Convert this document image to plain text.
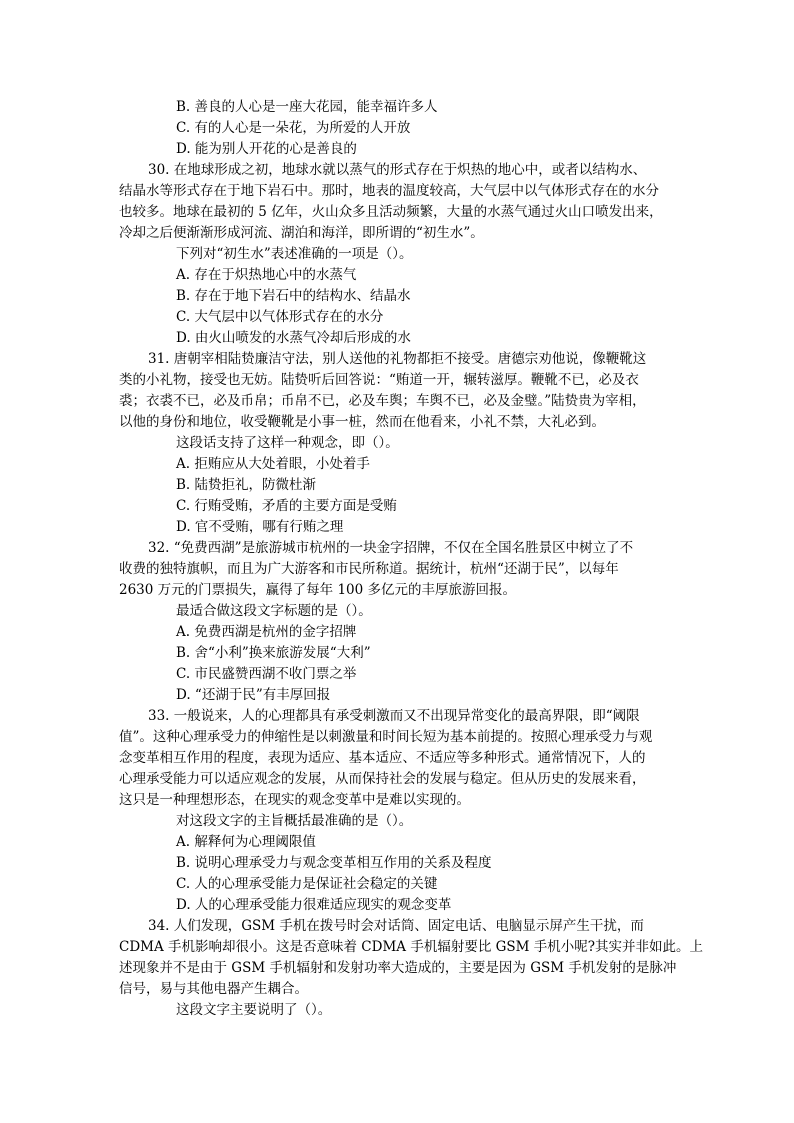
B. 善良的人心是一座大花园，能幸福许多人
C. 有的人心是一朵花，为所爱的人开放
D. 能为别人开花的心是善良的
30. 在地球形成之初，地球水就以蒸气的形式存在于炽热的地心中，或者以结构水、
结晶水等形式存在于地下岩石中。那时，地表的温度较高，大气层中以气体形式存在的水分
也较多。地球在最初的 5 亿年，火山众多且活动频繁，大量的水蒸气通过火山口喷发出来，
冷却之后便渐渐形成河流、湖泊和海洋，即所谓的“初生水”。
下列对“初生水”表述准确的一项是（）。
A. 存在于炽热地心中的水蒸气
B. 存在于地下岩石中的结构水、结晶水
C. 大气层中以气体形式存在的水分
D. 由火山喷发的水蒸气冷却后形成的水
31. 唐朝宰相陆贽廉洁守法，别人送他的礼物都拒不接受。唐德宗劝他说，像鞭靴这
类的小礼物，接受也无妨。陆贽听后回答说：“贿道一开，辗转滋厚。鞭靴不已，必及衣
裘；衣裘不已，必及币帛；币帛不已，必及车舆；车舆不已，必及金璧。”陆贽贵为宰相，
以他的身份和地位，收受鞭靴是小事一桩，然而在他看来，小礼不禁，大礼必到。
这段话支持了这样一种观念，即（）。
A. 拒贿应从大处着眼，小处着手
B. 陆贽拒礼，防微杜渐
C. 行贿受贿，矛盾的主要方面是受贿
D. 官不受贿，哪有行贿之理
32. “免费西湖”是旅游城市杭州的一块金字招牌，不仅在全国名胜景区中树立了不
收费的独特旗帜，而且为广大游客和市民所称道。据统计，杭州“还湖于民”，以每年
2630 万元的门票损失，赢得了每年 100 多亿元的丰厚旅游回报。
最适合做这段文字标题的是（）。
A. 免费西湖是杭州的金字招牌
B. 舍“小利”换来旅游发展“大利”
C. 市民盛赞西湖不收门票之举
D. “还湖于民”有丰厚回报
33. 一般说来，人的心理都具有承受刺激而又不出现异常变化的最高界限，即“阈限
值”。这种心理承受力的伸缩性是以刺激量和时间长短为基本前提的。按照心理承受力与观
念变革相互作用的程度，表现为适应、基本适应、不适应等多种形式。通常情况下，人的
心理承受能力可以适应观念的发展，从而保持社会的发展与稳定。但从历史的发展来看，
这只是一种理想形态，在现实的观念变革中是难以实现的。
对这段文字的主旨概括最准确的是（）。
A. 解释何为心理阈限值
B. 说明心理承受力与观念变革相互作用的关系及程度
C. 人的心理承受能力是保证社会稳定的关键
D. 人的心理承受能力很难适应现实的观念变革
34. 人们发现，GSM 手机在拨号时会对话筒、固定电话、电脑显示屏产生干扰，而
CDMA 手机影响却很小。这是否意味着 CDMA 手机辐射要比 GSM 手机小呢?其实并非如此。上
述现象并不是由于 GSM 手机辐射和发射功率大造成的，主要是因为 GSM 手机发射的是脉冲
信号，易与其他电器产生耦合。
这段文字主要说明了（）。
